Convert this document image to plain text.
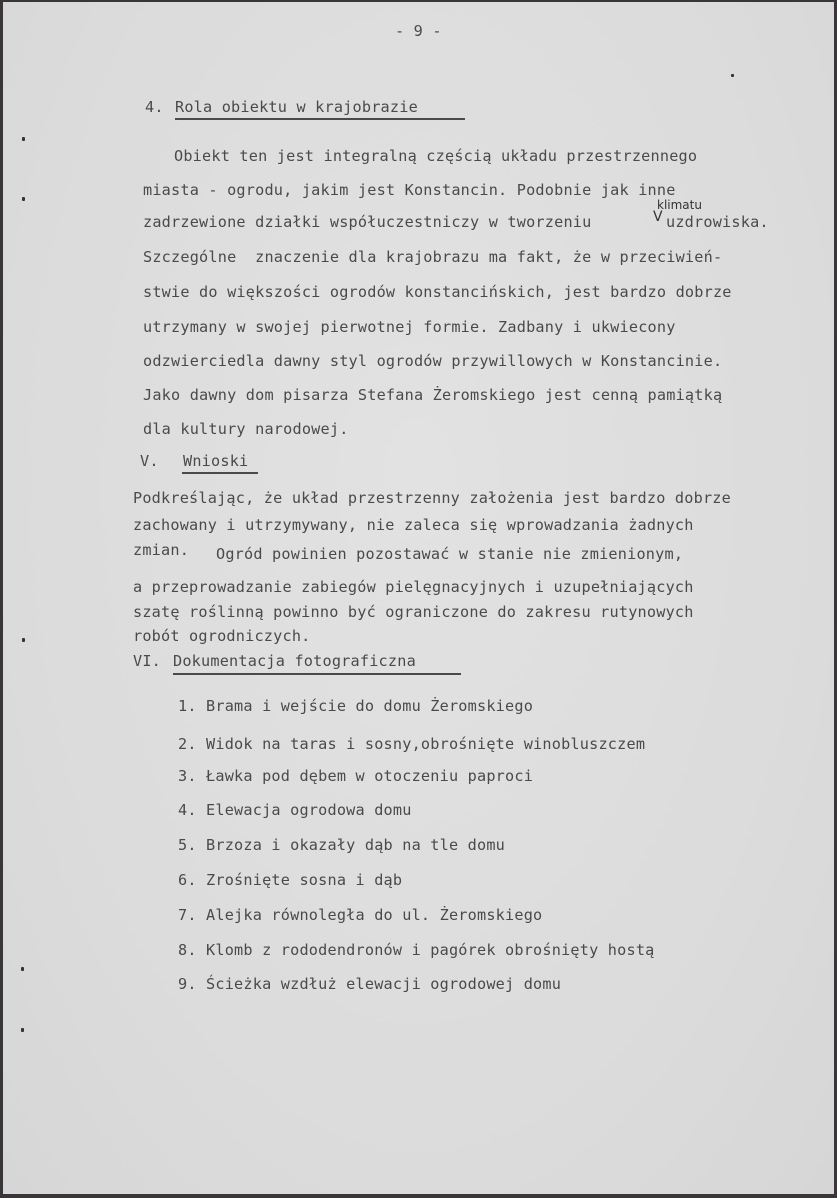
- 9 -
4. Rola obiektu w krajobrazie
Obiekt ten jest integralną częścią układu przestrzennego
miasta - ogrodu, jakim jest Konstancin. Podobnie jak inne
zadrzewione działki współuczestniczy w tworzeniu
klimatu
V uzdrowiska.
Szczególne  znaczenie dla krajobrazu ma fakt, że w przeciwień-
stwie do większości ogrodów konstancińskich, jest bardzo dobrze
utrzymany w swojej pierwotnej formie. Zadbany i ukwiecony
odzwierciedla dawny styl ogrodów przywillowych w Konstancinie.
Jako dawny dom pisarza Stefana Żeromskiego jest cenną pamiątką
dla kultury narodowej.
V. Wnioski
Podkreślając, że układ przestrzenny założenia jest bardzo dobrze
zachowany i utrzymywany, nie zaleca się wprowadzania żadnych
zmian. Ogród powinien pozostawać w stanie nie zmienionym,
a przeprowadzanie zabiegów pielęgnacyjnych i uzupełniających
szatę roślinną powinno być ograniczone do zakresu rutynowych
robót ogrodniczych.
VI. Dokumentacja fotograficzna
1. Brama i wejście do domu Żeromskiego
2. Widok na taras i sosny,obrośnięte winobluszczem
3. Ławka pod dębem w otoczeniu paproci
4. Elewacja ogrodowa domu
5. Brzoza i okazały dąb na tle domu
6. Zrośnięte sosna i dąb
7. Alejka równoległa do ul. Żeromskiego
8. Klomb z rododendronów i pagórek obrośnięty hostą
9. Ścieżka wzdłuż elewacji ogrodowej domu
